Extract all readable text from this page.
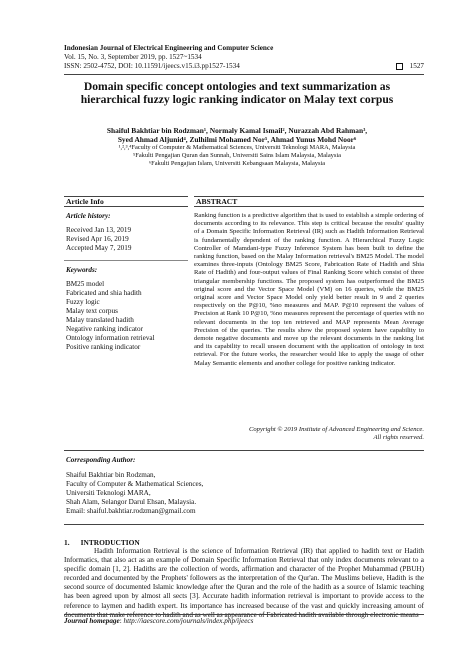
Indonesian Journal of Electrical Engineering and Computer Science
Vol. 15, No. 3, September 2019, pp. 1527~1534
ISSN: 2502-4752, DOI: 10.11591/ijeecs.v15.i3.pp1527-1534	1527
Domain specific concept ontologies and text summarization as
hierarchical fuzzy logic ranking indicator on Malay text corpus
Shaiful Bakhtiar bin Rodzman¹, Normaly Kamal Ismail², Nurazzah Abd Rahman³,
Syed Ahmad Aljunid⁴, Zulhilmi Mohamed Nor⁵, Ahmad Yunus Mohd Noor⁶
¹,²,³,⁴Faculty of Computer & Mathematical Sciences, Universiti Teknologi MARA, Malaysia
⁵Fakulti Pengajian Quran dan Sunnah, Universiti Sains Islam Malaysia, Malaysia
⁶Fakulti Pengajian Islam, Universiti Kebangsaan Malaysia, Malaysia
Article Info	ABSTRACT
Article history:
Received Jan 13, 2019
Revised Apr 16, 2019
Accepted May 7, 2019
Keywords:
BM25 model
Fabricated and shia hadith
Fuzzy logic
Malay text corpus
Malay translated hadith
Negative ranking indicator
Ontology information retrieval
Positive ranking indicator
Ranking function is a predictive algorithm that is used to establish a simple ordering of documents according to its relevance. This step is critical because the results' quality of a Domain Specific Information Retrieval (IR) such as Hadith Information Retrieval is fundamentally dependent of the ranking function. A Hierarchical Fuzzy Logic Controller of Mamdani-type Fuzzy Inference System has been built to define the ranking function, based on the Malay Information retrieval's BM25 Model. The model examines three-inputs (Ontology BM25 Score, Fabrication Rate of Hadith and Shia Rate of Hadith) and four-output values of Final Ranking Score which consist of three triangular membership functions. The proposed system has outperformed the BM25 original score and the Vector Space Model (VM) on 16 queries, while the BM25 original score and Vector Space Model only yield better result in 9 and 2 queries respectively on the P@10, %no measures and MAP. P@10 represent the values of Precision at Rank 10 P@10, %no measures represent the percentage of queries with no relevant documents in the top ten retrieved and MAP represents Mean Average Precision of the queries. The results show the proposed system have capability to demote negative documents and move up the relevant documents in the ranking list and its capability to recall unseen document with the application of ontology in text retrieval. For the future works, the researcher would like to apply the usage of other Malay Semantic elements and another college for positive ranking indicator.
Copyright © 2019 Institute of Advanced Engineering and Science.
All rights reserved.
Corresponding Author:
Shaiful Bakhtiar bin Rodzman,
Faculty of Computer & Mathematical Sciences,
Universiti Teknologi MARA,
Shah Alam, Selangor Darul Ehsan, Malaysia.
Email: shaiful.bakhtiar.rodzman@gmail.com
1.      INTRODUCTION
Hadith Information Retrieval is the science of Information Retrieval (IR) that applied to hadith text or Hadith Informatics, that also act as an example of Domain Specific Information Retrieval that only index documents relevant to a specific domain [1, 2]. Hadiths are the collection of words, affirmation and character of the Prophet Muhammad (PBUH) recorded and documented by the Prophets' followers as the interpretation of the Qur'an. The Muslims believe, Hadith is the second source of documented Islamic knowledge after the Quran and the role of the hadith as a source of Islamic teaching has been agreed upon by almost all sects [3]. Accurate hadith information retrieval is important to provide access to the reference to laymen and hadith expert. Its importance has increased because of the vast and quickly increasing amount of
Journal homepage: http://iaescore.com/journals/index.php/ijeecs
